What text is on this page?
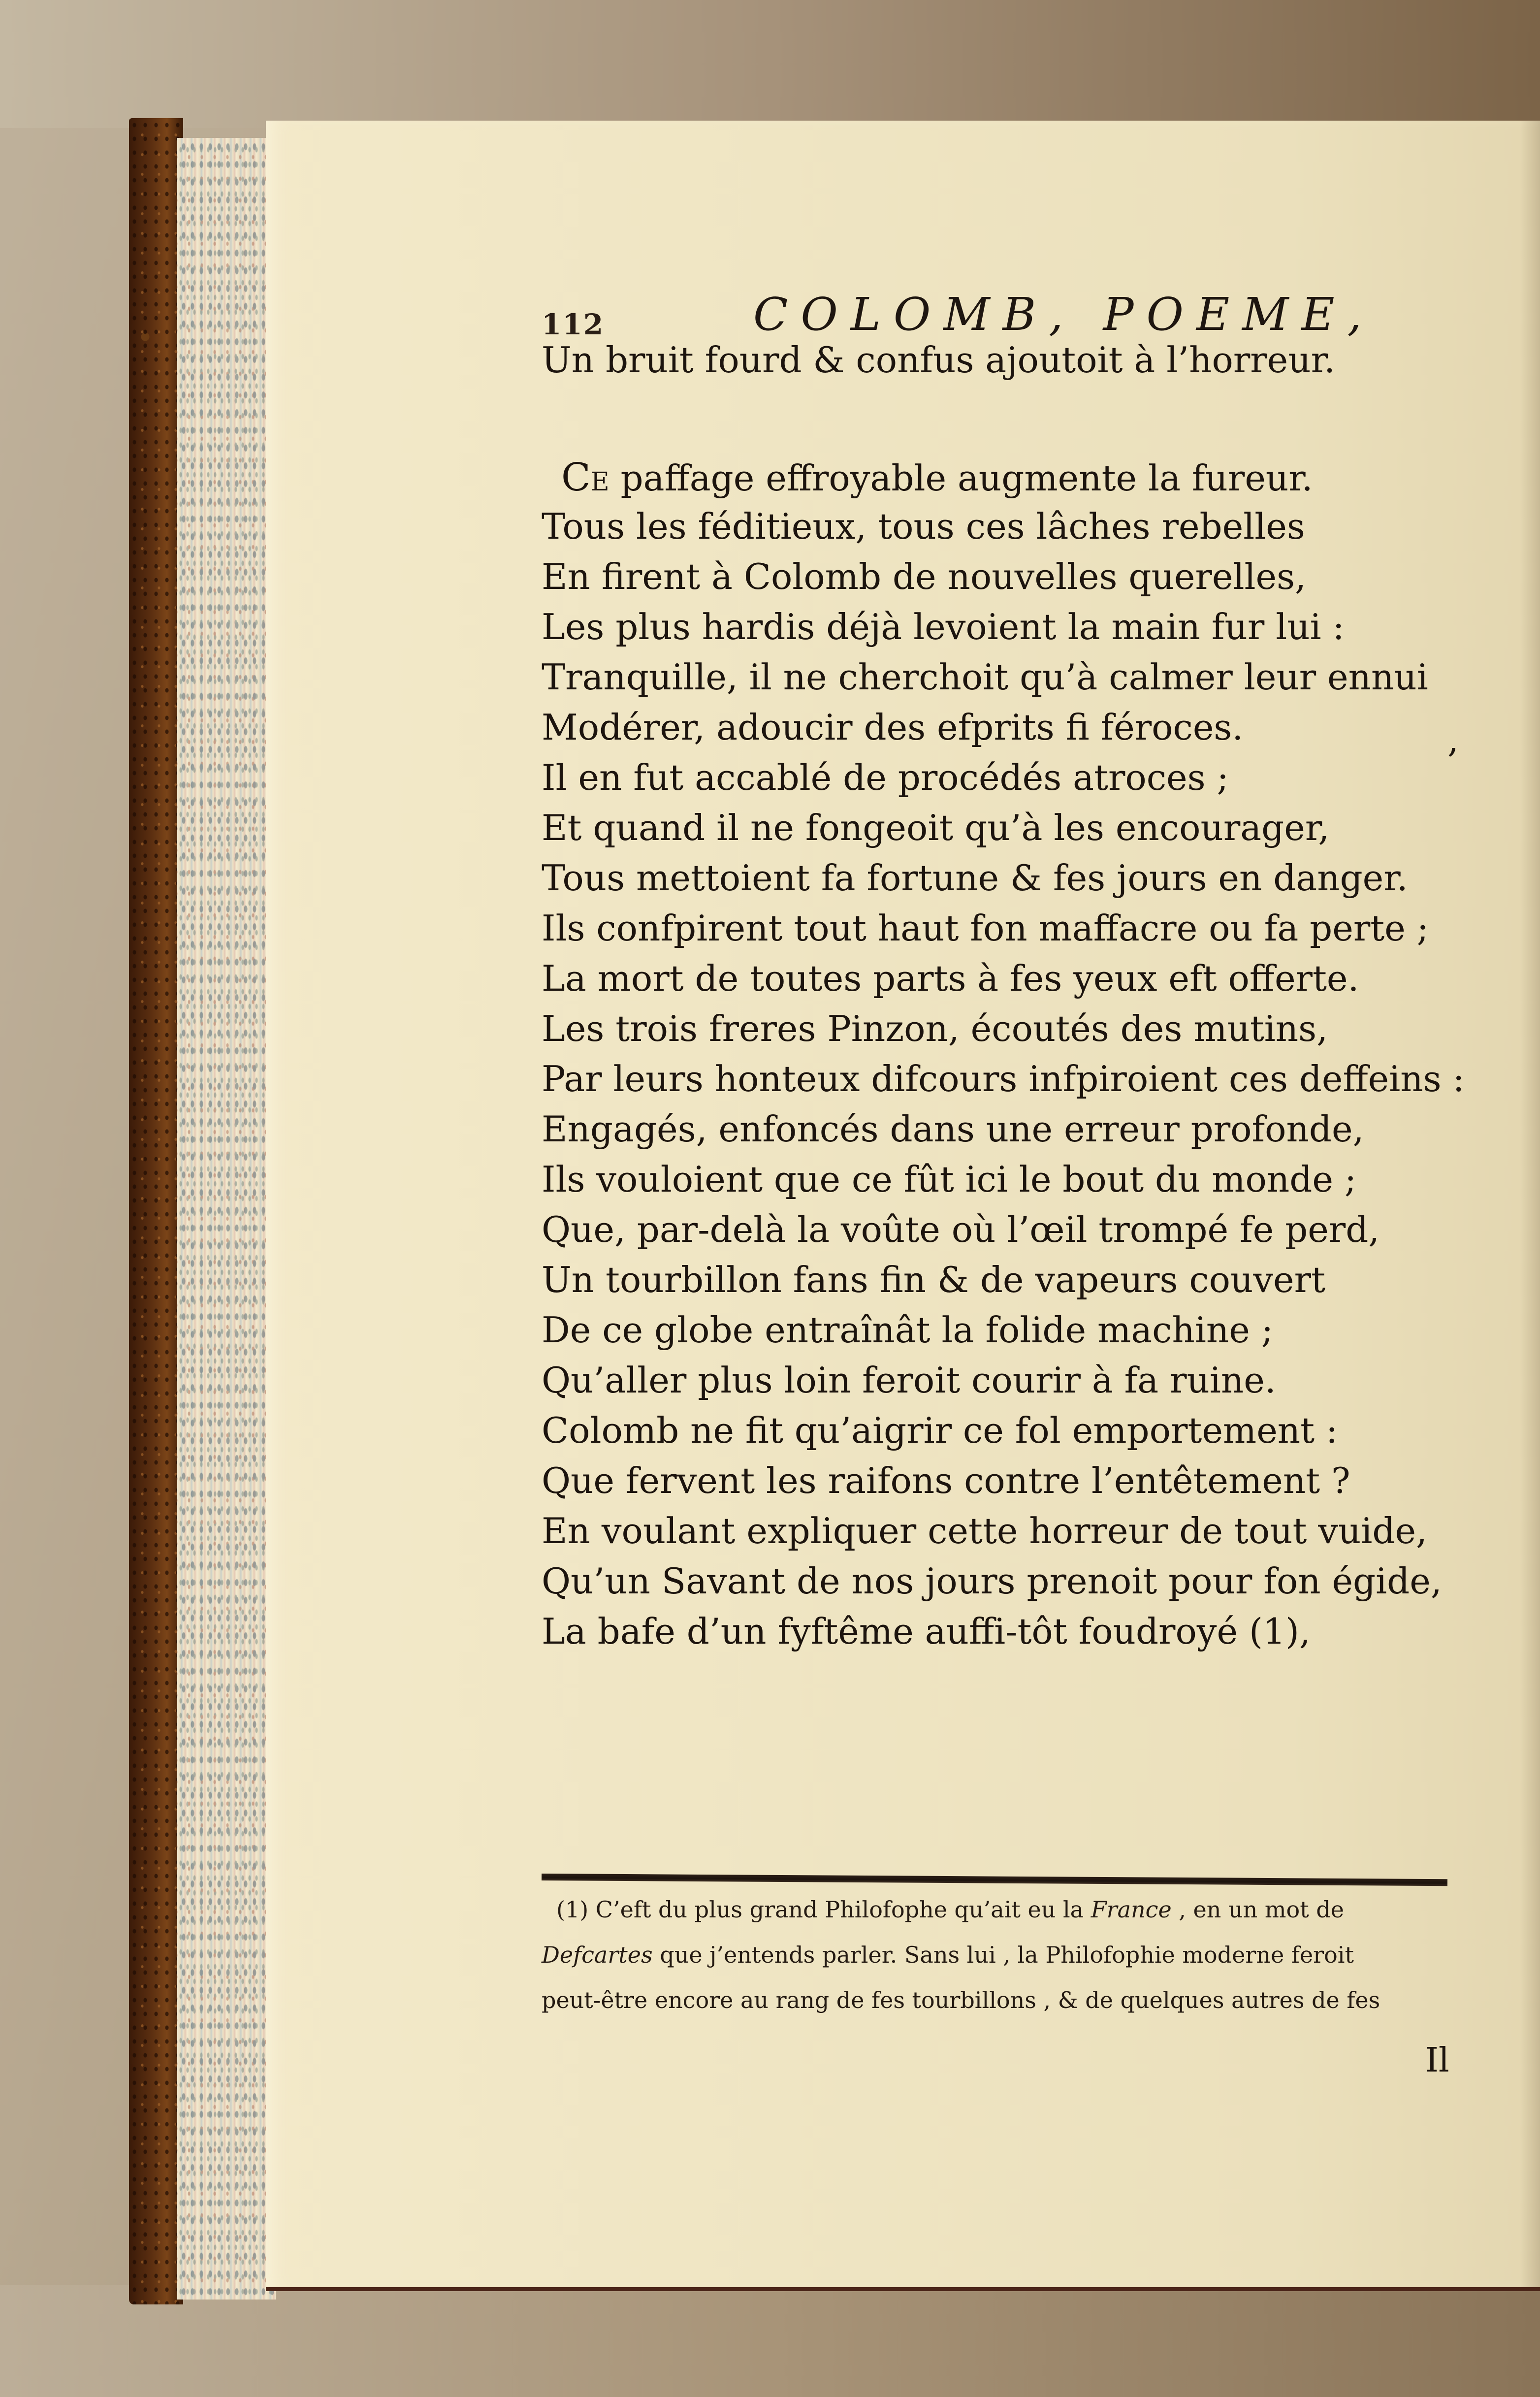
112	COLOMB, POEME,
Un bruit fourd & confus ajoutoit à l’horreur.
CE paffage effroyable augmente la fureur.
Tous les féditieux, tous ces lâches rebelles
En firent à Colomb de nouvelles querelles,
Les plus hardis déjà levoient la main fur lui :
Tranquille, il ne cherchoit qu’à calmer leur ennui
Modérer, adoucir des efprits fi féroces.
Il en fut accablé de procédés atroces ;
Et quand il ne fongeoit qu’à les encourager,
Tous mettoient fa fortune & fes jours en danger.
Ils confpirent tout haut fon maffacre ou fa perte ;
La mort de toutes parts à fes yeux eft offerte.
Les trois freres Pinzon, écoutés des mutins,
Par leurs honteux difcours infpiroient ces deffeins :
Engagés, enfoncés dans une erreur profonde,
Ils vouloient que ce fût ici le bout du monde ;
Que, par-delà la voûte où l’œil trompé fe perd,
Un tourbillon fans fin & de vapeurs couvert
De ce globe entraînât la folide machine ;
Qu’aller plus loin feroit courir à fa ruine.
Colomb ne fit qu’aigrir ce fol emportement :
Que fervent les raifons contre l’entêtement ?
En voulant expliquer cette horreur de tout vuide,
Qu’un Savant de nos jours prenoit pour fon égide,
La bafe d’un fyftême auffi-tôt foudroyé (1),
,
(1) C’eft du plus grand Philofophe qu’ait eu la France , en un mot de
Defcartes que j’entends parler. Sans lui , la Philofophie moderne feroit
peut-être encore au rang de fes tourbillons , & de quelques autres de fes
Il
